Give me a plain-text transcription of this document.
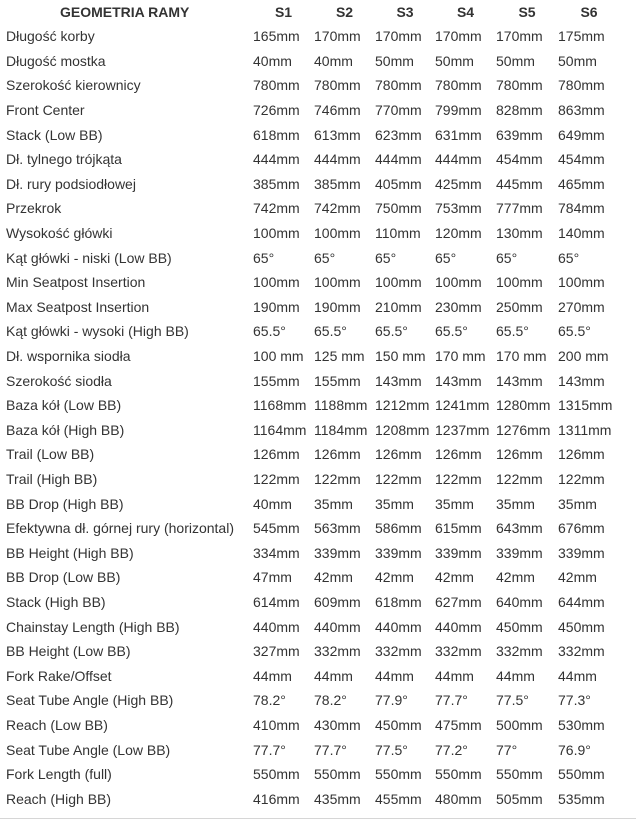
GEOMETRIA RAMY	S1	S2	S3	S4	S5	S6
Długość korby	165mm	170mm	170mm	170mm	170mm	175mm
Długość mostka	40mm	40mm	50mm	50mm	50mm	50mm
Szerokość kierownicy	780mm	780mm	780mm	780mm	780mm	780mm
Front Center	726mm	746mm	770mm	799mm	828mm	863mm
Stack (Low BB)	618mm	613mm	623mm	631mm	639mm	649mm
Dł. tylnego trójkąta	444mm	444mm	444mm	444mm	454mm	454mm
Dł. rury podsiodłowej	385mm	385mm	405mm	425mm	445mm	465mm
Przekrok	742mm	742mm	750mm	753mm	777mm	784mm
Wysokość główki	100mm	100mm	110mm	120mm	130mm	140mm
Kąt główki - niski (Low BB)	65°	65°	65°	65°	65°	65°
Min Seatpost Insertion	100mm	100mm	100mm	100mm	100mm	100mm
Max Seatpost Insertion	190mm	190mm	210mm	230mm	250mm	270mm
Kąt główki - wysoki (High BB)	65.5°	65.5°	65.5°	65.5°	65.5°	65.5°
Dł. wspornika siodła	100 mm	125 mm	150 mm	170 mm	170 mm	200 mm
Szerokość siodła	155mm	155mm	143mm	143mm	143mm	143mm
Baza kół (Low BB)	1168mm	1188mm	1212mm	1241mm	1280mm	1315mm
Baza kół (High BB)	1164mm	1184mm	1208mm	1237mm	1276mm	1311mm
Trail (Low BB)	126mm	126mm	126mm	126mm	126mm	126mm
Trail (High BB)	122mm	122mm	122mm	122mm	122mm	122mm
BB Drop (High BB)	40mm	35mm	35mm	35mm	35mm	35mm
Efektywna dł. górnej rury (horizontal)	545mm	563mm	586mm	615mm	643mm	676mm
BB Height (High BB)	334mm	339mm	339mm	339mm	339mm	339mm
BB Drop (Low BB)	47mm	42mm	42mm	42mm	42mm	42mm
Stack (High BB)	614mm	609mm	618mm	627mm	640mm	644mm
Chainstay Length (High BB)	440mm	440mm	440mm	440mm	450mm	450mm
BB Height (Low BB)	327mm	332mm	332mm	332mm	332mm	332mm
Fork Rake/Offset	44mm	44mm	44mm	44mm	44mm	44mm
Seat Tube Angle (High BB)	78.2°	78.2°	77.9°	77.7°	77.5°	77.3°
Reach (Low BB)	410mm	430mm	450mm	475mm	500mm	530mm
Seat Tube Angle (Low BB)	77.7°	77.7°	77.5°	77.2°	77°	76.9°
Fork Length (full)	550mm	550mm	550mm	550mm	550mm	550mm
Reach (High BB)	416mm	435mm	455mm	480mm	505mm	535mm
